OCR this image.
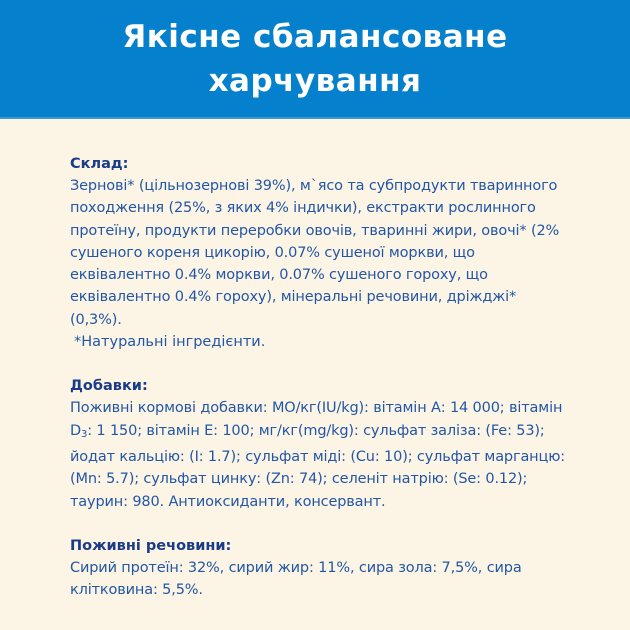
Якісне сбалансоване харчування

Склад:

Зернові* (цільнозернові 39%), м`ясо та субпродукти тваринного походження (25%, з яких 4% індички), екстракти рослинного протеїну, продукти переробки овочів, тваринні жири, овочі* (2% сушеного кореня цикорію, 0.07% сушеної моркви, що еквівалентно 0.4% моркви, 0.07% сушеного гороху, що еквівалентно 0.4% гороху), мінеральні речовини, дріжджі* (0,3%).

*Натуральні інгредієнти.

Добавки:

Поживні кормові добавки: МО/кг(IU/kg): вітамін А: 14 000; вітамін $D_3$: 1 150; вітамін Е: 100; мг/кг(mg/kg): сульфат заліза: (Fe: 53); йодат кальцію: (I: 1.7); сульфат міді: (Cu: 10); сульфат марганцю: (Mn: 5.7); сульфат цинку: (Zn: 74); селеніт натрію: (Se: 0.12); таурин: 980. Антиоксиданти, консервант.

Поживні речовини:

Сирий протеїн: 32%, сирий жир: 11%, сира зола: 7,5%, сира клітковина: 5,5%.
